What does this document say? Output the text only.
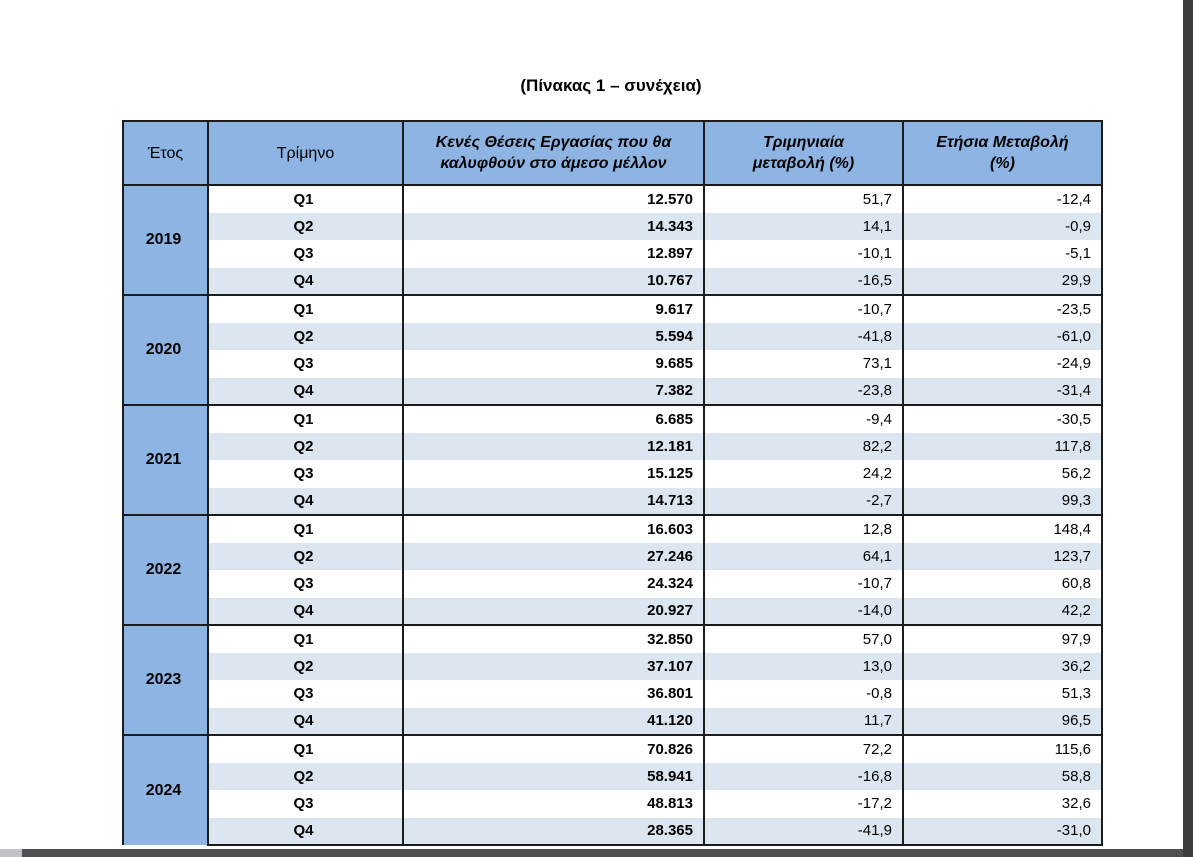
(Πίνακας 1 – συνέχεια)
Έτος	Τρίμηνο	Κενές Θέσεις Εργασίας που θα
καλυφθούν στο άμεσο μέλλον	Τριμηνιαία
μεταβολή (%)	Ετήσια Μεταβολή
(%)
2019	Q1	12.570	51,7	-12,4
	Q2	14.343	14,1	-0,9
	Q3	12.897	-10,1	-5,1
	Q4	10.767	-16,5	29,9
2020	Q1	9.617	-10,7	-23,5
	Q2	5.594	-41,8	-61,0
	Q3	9.685	73,1	-24,9
	Q4	7.382	-23,8	-31,4
2021	Q1	6.685	-9,4	-30,5
	Q2	12.181	82,2	117,8
	Q3	15.125	24,2	56,2
	Q4	14.713	-2,7	99,3
2022	Q1	16.603	12,8	148,4
	Q2	27.246	64,1	123,7
	Q3	24.324	-10,7	60,8
	Q4	20.927	-14,0	42,2
2023	Q1	32.850	57,0	97,9
	Q2	37.107	13,0	36,2
	Q3	36.801	-0,8	51,3
	Q4	41.120	11,7	96,5
2024	Q1	70.826	72,2	115,6
	Q2	58.941	-16,8	58,8
	Q3	48.813	-17,2	32,6
	Q4	28.365	-41,9	-31,0
